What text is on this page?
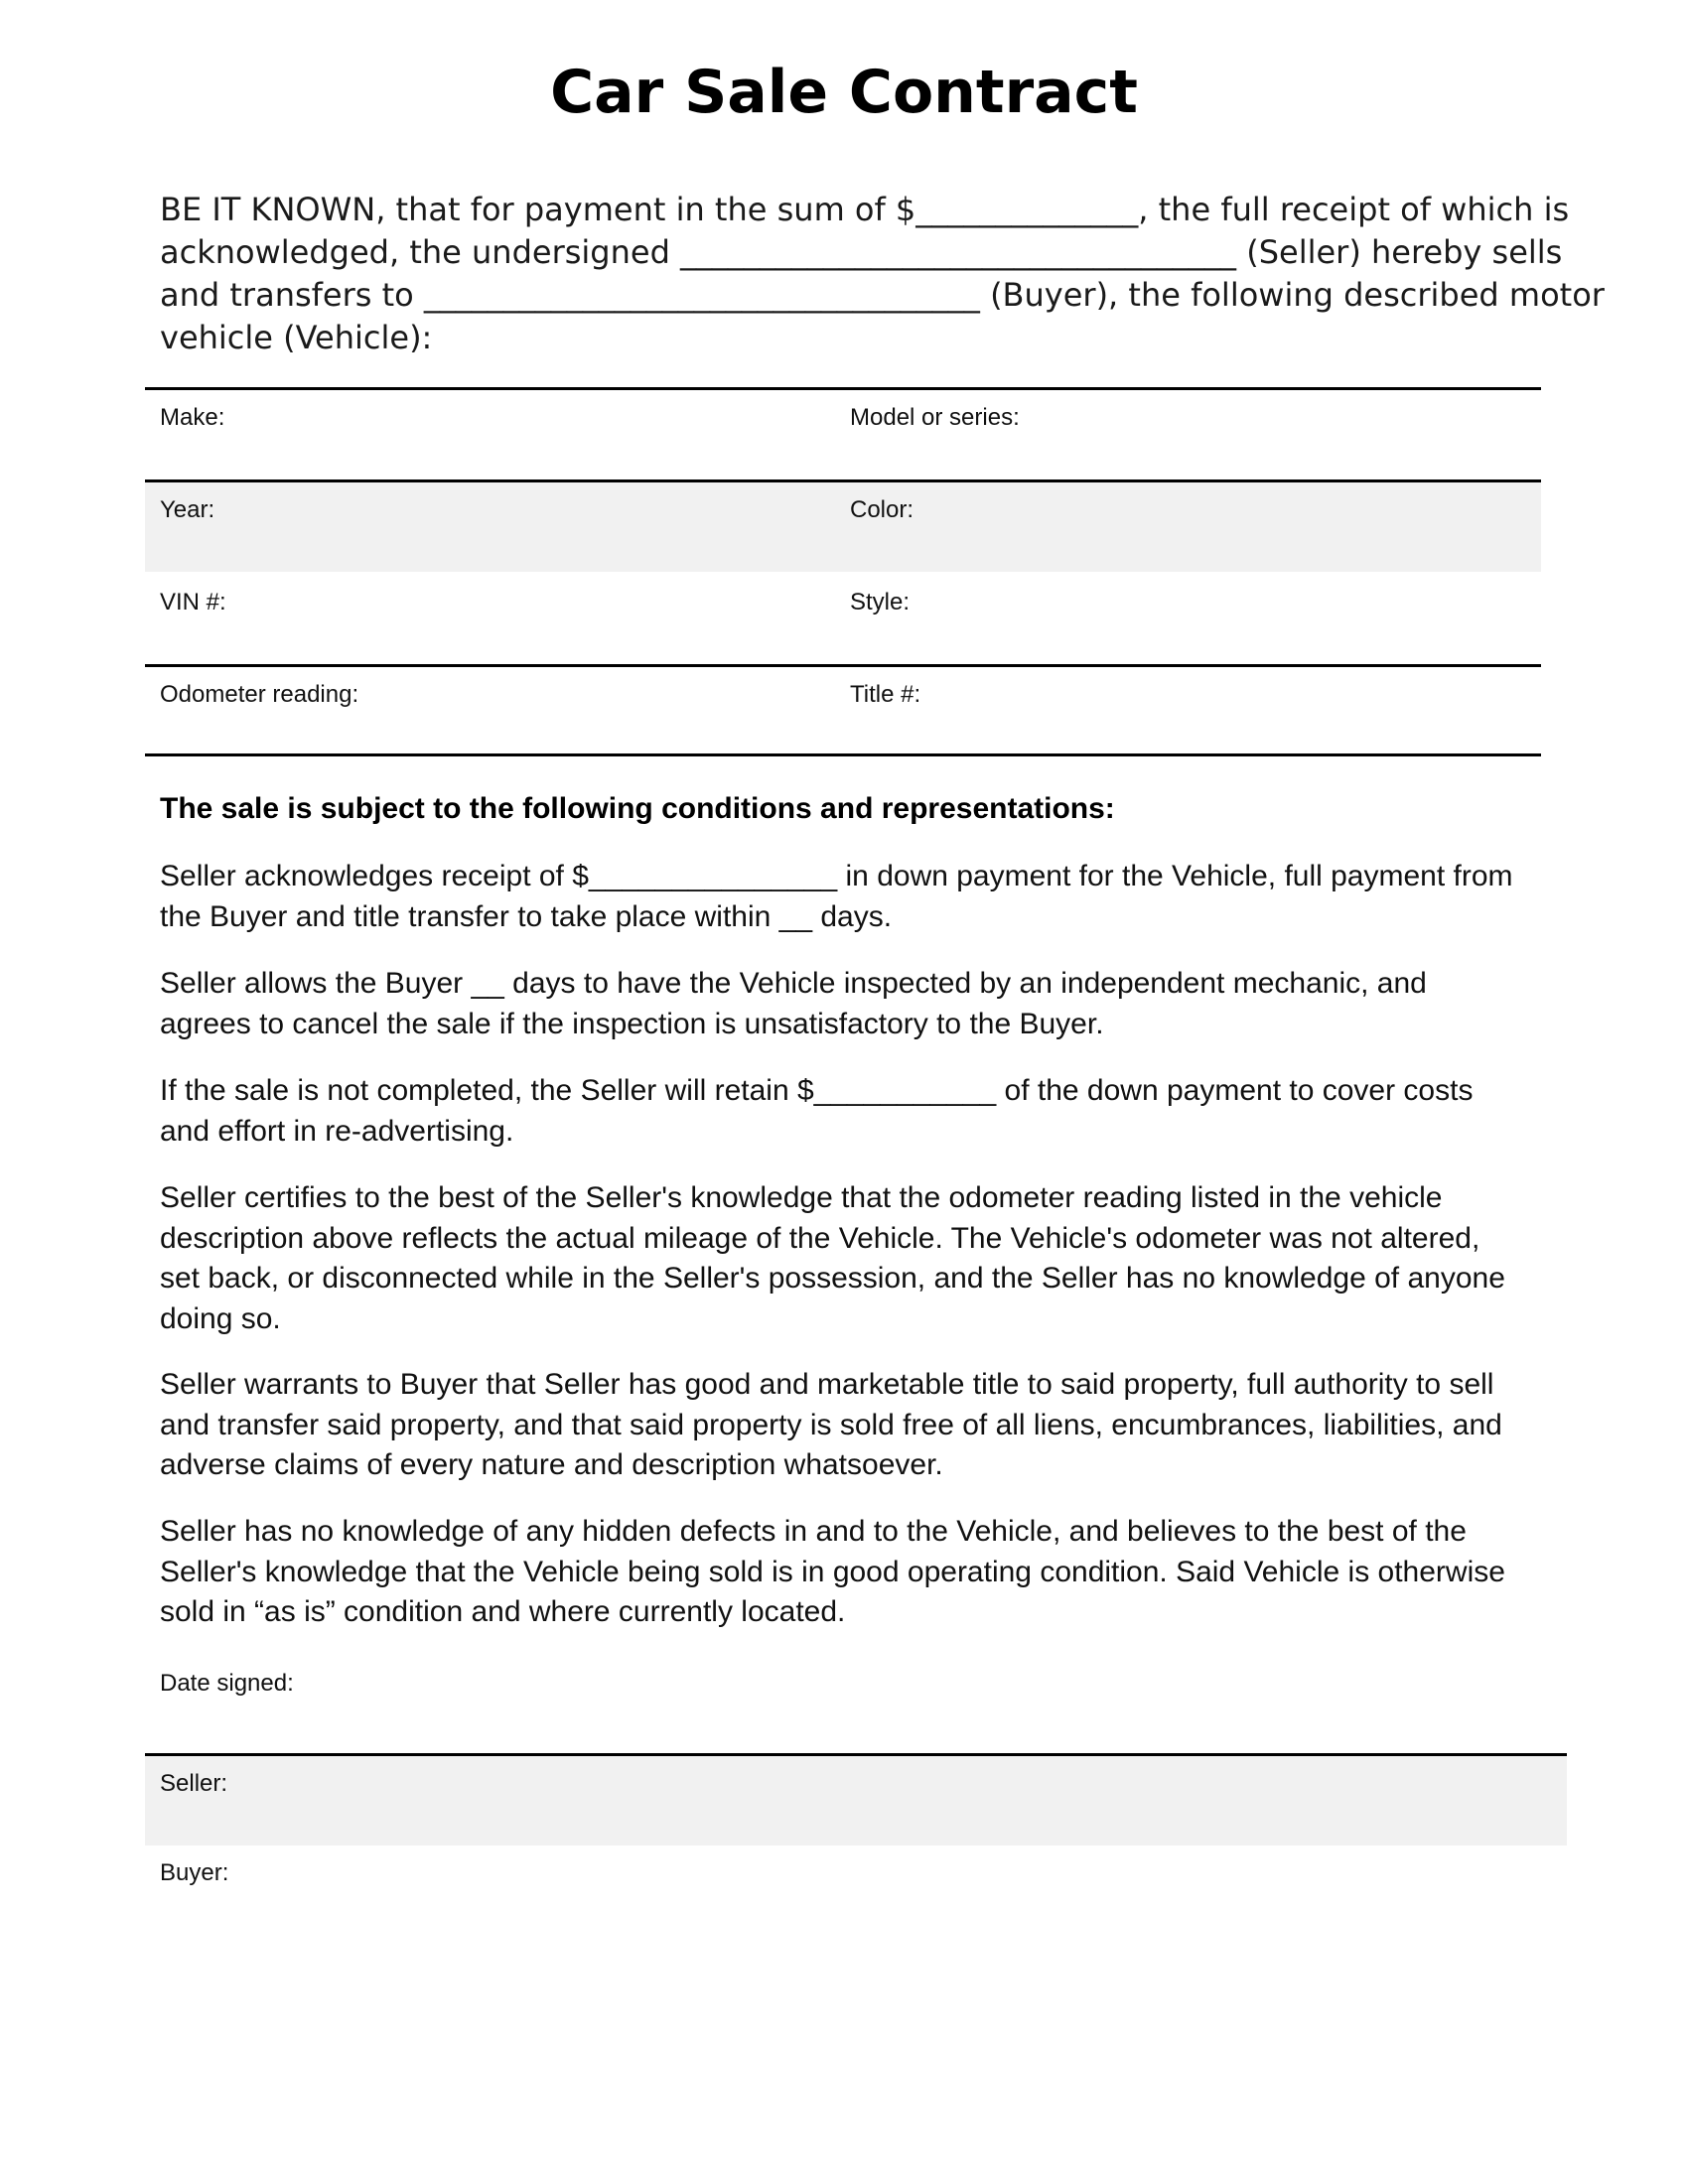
Car Sale Contract

BE IT KNOWN, that for payment in the sum of $______________, the full receipt of which is
acknowledged, the undersigned ___________________________________ (Seller) hereby sells
and transfers to ___________________________________ (Buyer), the following described motor
vehicle (Vehicle):

Make:	Model or series:
Year:	Color:
VIN #:	Style:
Odometer reading:	Title #:
The sale is subject to the following conditions and representations:

Seller acknowledges receipt of $_______________ in down payment for the Vehicle, full payment from
the Buyer and title transfer to take place within __ days.

Seller allows the Buyer __ days to have the Vehicle inspected by an independent mechanic, and
agrees to cancel the sale if the inspection is unsatisfactory to the Buyer.

If the sale is not completed, the Seller will retain $___________ of the down payment to cover costs
and effort in re-advertising.

Seller certifies to the best of the Seller's knowledge that the odometer reading listed in the vehicle
description above reflects the actual mileage of the Vehicle. The Vehicle's odometer was not altered,
set back, or disconnected while in the Seller's possession, and the Seller has no knowledge of anyone
doing so.

Seller warrants to Buyer that Seller has good and marketable title to said property, full authority to sell
and transfer said property, and that said property is sold free of all liens, encumbrances, liabilities, and
adverse claims of every nature and description whatsoever.

Seller has no knowledge of any hidden defects in and to the Vehicle, and believes to the best of the
Seller's knowledge that the Vehicle being sold is in good operating condition. Said Vehicle is otherwise
sold in “as is” condition and where currently located.

Date signed:
Seller:
Buyer:
